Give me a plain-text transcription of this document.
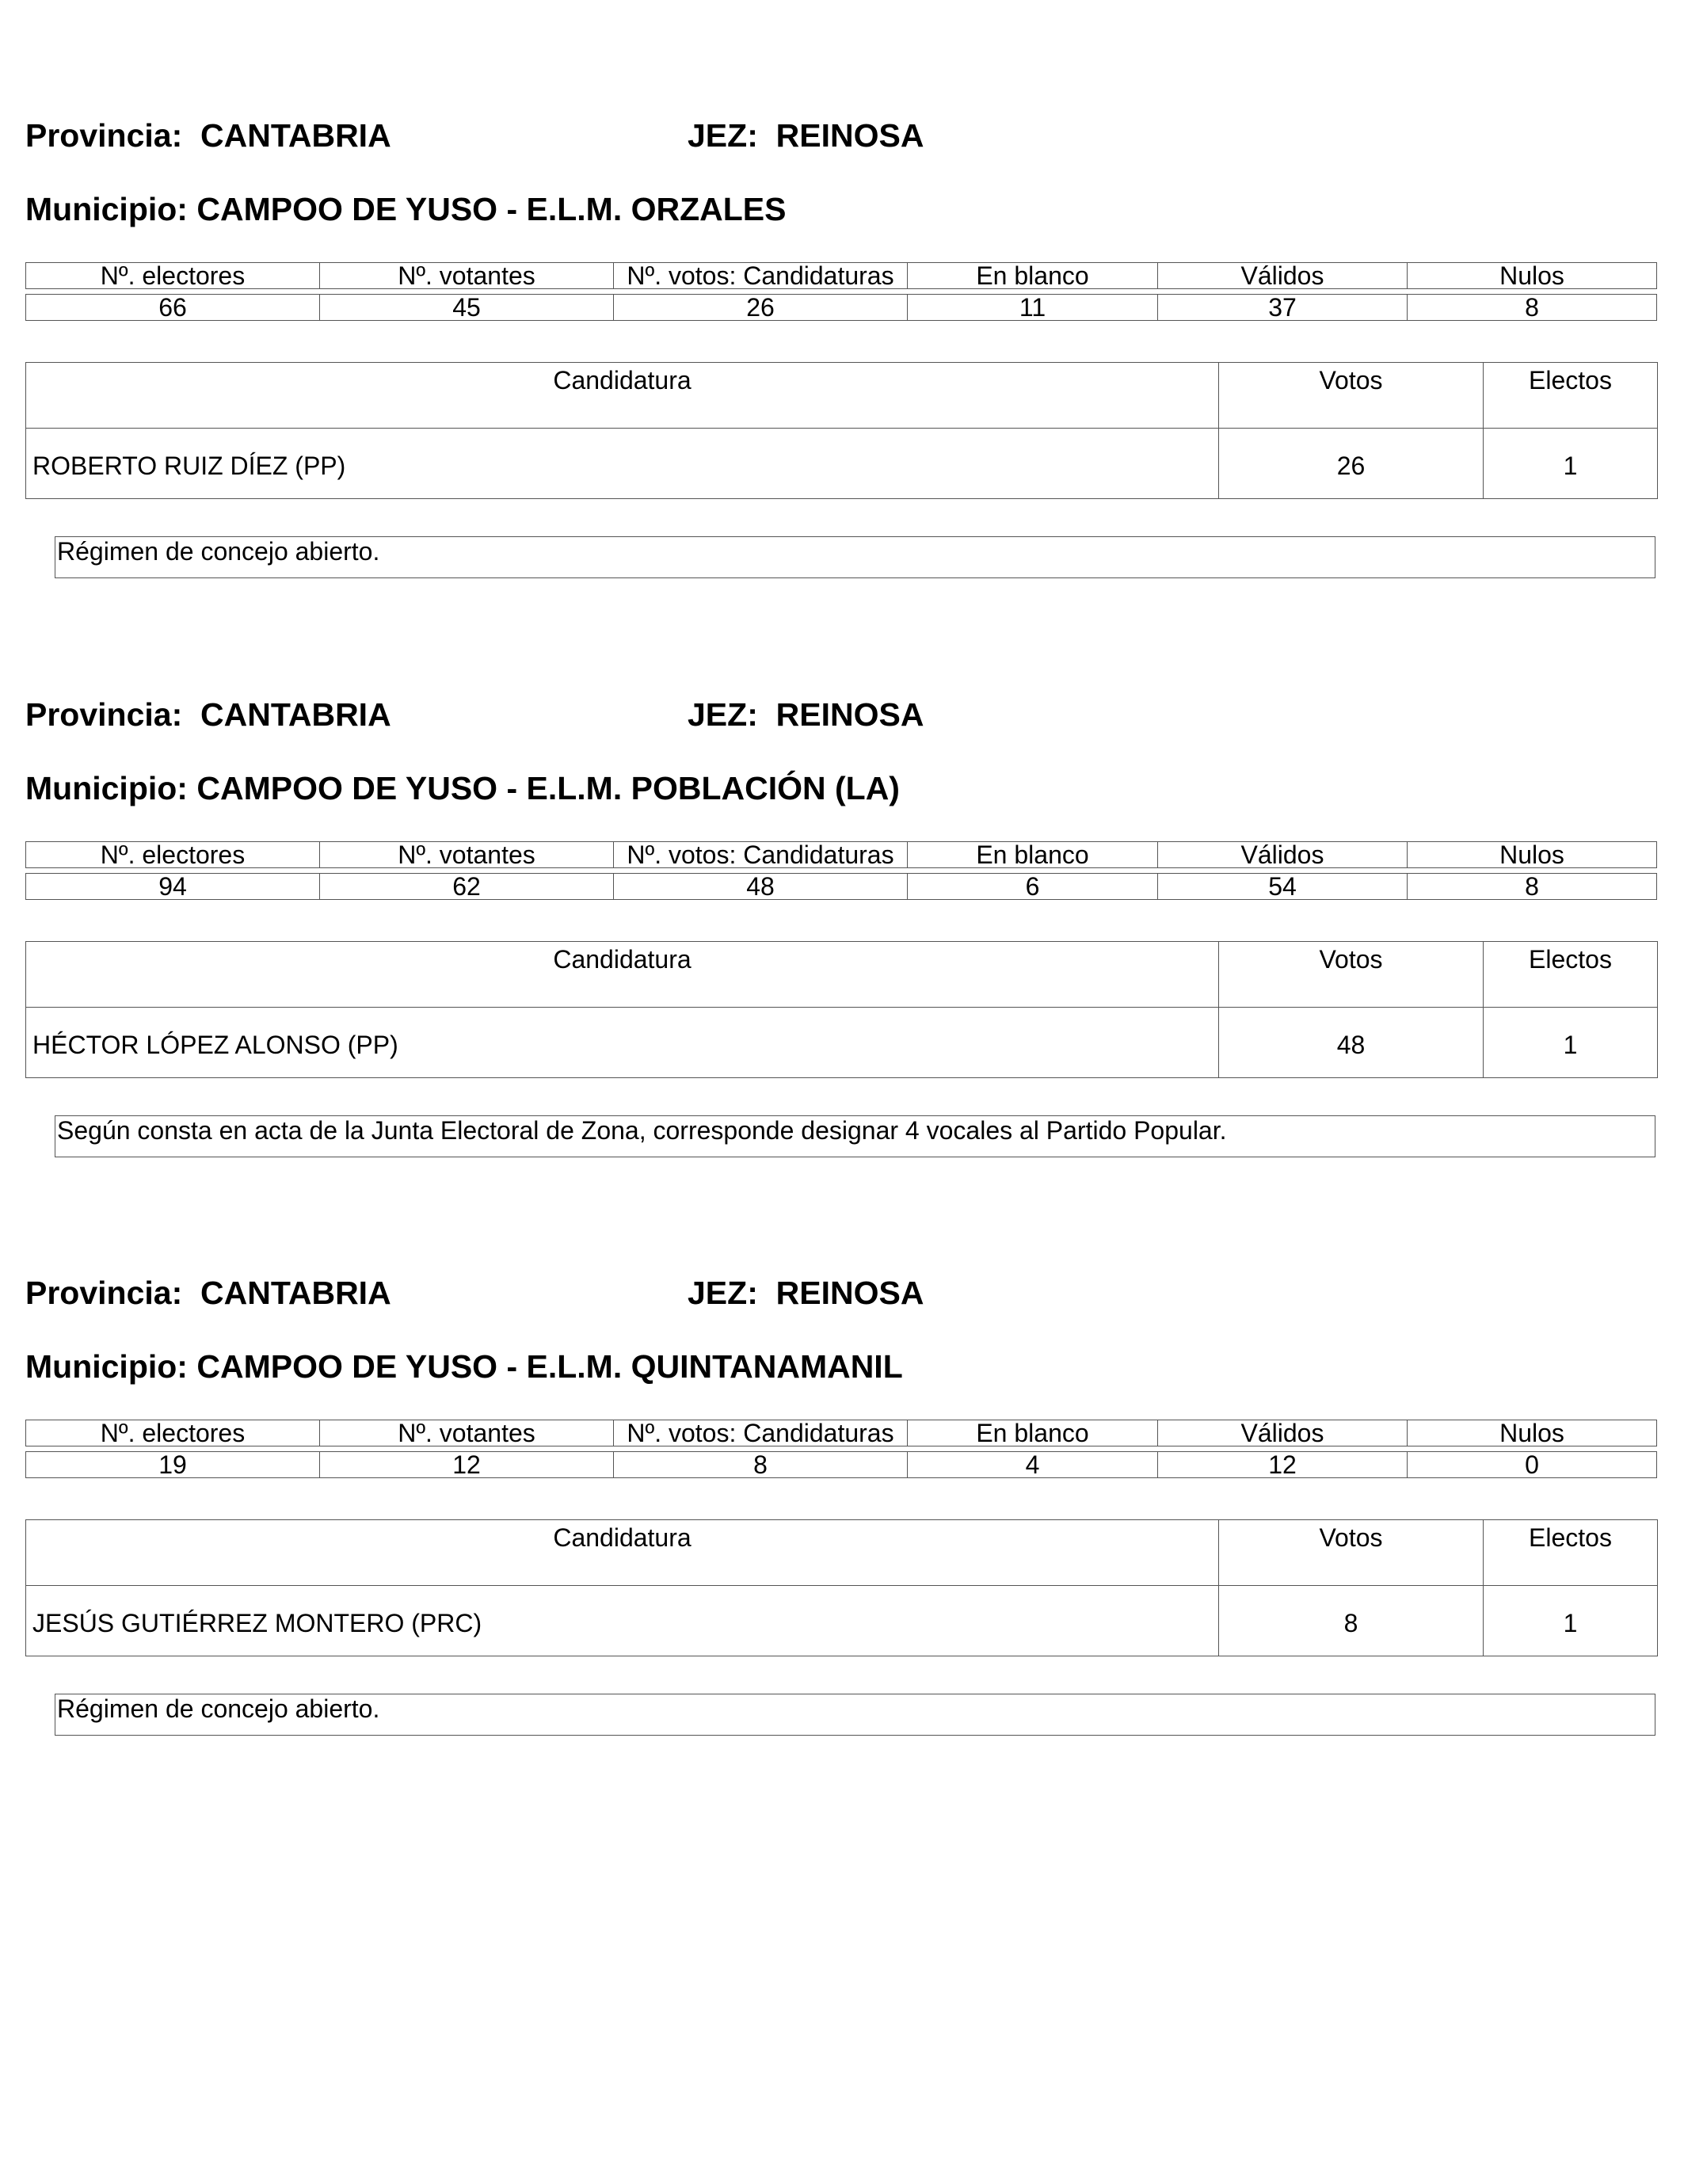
Provincia: CANTABRIA	JEZ: REINOSA
Municipio: CAMPOO DE YUSO - E.L.M. ORZALES
Nº. electores	Nº. votantes	Nº. votos: Candidaturas	En blanco	Válidos	Nulos
66	45	26	11	37	8
Candidatura	Votos	Electos
ROBERTO RUIZ DÍEZ (PP)	26	1
Régimen de concejo abierto.
Provincia: CANTABRIA	JEZ: REINOSA
Municipio: CAMPOO DE YUSO - E.L.M. POBLACIÓN (LA)
Nº. electores	Nº. votantes	Nº. votos: Candidaturas	En blanco	Válidos	Nulos
94	62	48	6	54	8
Candidatura	Votos	Electos
HÉCTOR LÓPEZ ALONSO (PP)	48	1
Según consta en acta de la Junta Electoral de Zona, corresponde designar 4 vocales al Partido Popular.
Provincia: CANTABRIA	JEZ: REINOSA
Municipio: CAMPOO DE YUSO - E.L.M. QUINTANAMANIL
Nº. electores	Nº. votantes	Nº. votos: Candidaturas	En blanco	Válidos	Nulos
19	12	8	4	12	0
Candidatura	Votos	Electos
JESÚS GUTIÉRREZ MONTERO (PRC)	8	1
Régimen de concejo abierto.
